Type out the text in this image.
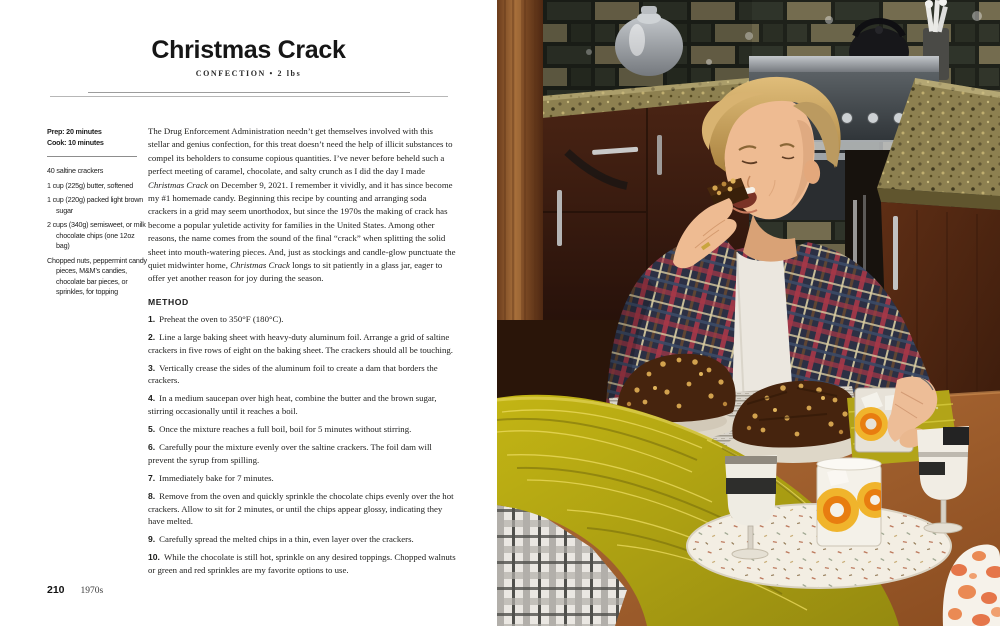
Christmas Crack
CONFECTION • 2 lbs

Prep: 20 minutes

Cook: 10 minutes

40 saltine crackers

1 cup (225g) butter, softened

1 cup (220g) packed light brown sugar

2 cups (340g) semisweet, or milk chocolate chips (one 12oz bag)

Chopped nuts, peppermint candy pieces, M&M’s candies, chocolate bar pieces, or sprinkles, for topping

The Drug Enforcement Administration needn’t get themselves involved with this stellar and genius confection, for this treat doesn’t need the help of illicit substances to compel its beholders to consume copious quantities. I’ve never before beheld such a perfect meeting of caramel, chocolate, and salty crunch as I did the day I made Christmas Crack on December 9, 2021. I remember it vividly, and it has since become my #1 homemade candy. Beginning this recipe by counting and arranging soda crackers in a grid may seem unorthodox, but since the 1970s the making of crack has become a popular yuletide activity for families in the United States. Among other reasons, the name comes from the sound of the final “crack” when splitting the solid sheet into mouth-watering pieces. And, just as stockings and candle-glow punctuate the quiet midwinter home, Christmas Crack longs to sit patiently in a glass jar, eager to offer yet another reason for joy during the season.

METHOD
1. Preheat the oven to 350°F (180°C).
2. Line a large baking sheet with heavy-duty aluminum foil. Arrange a grid of saltine crackers in five rows of eight on the baking sheet. The crackers should all be touching.
3. Vertically crease the sides of the aluminum foil to create a dam that borders the crackers.
4. In a medium saucepan over high heat, combine the butter and the brown sugar, stirring occasionally until it reaches a boil.
5. Once the mixture reaches a full boil, boil for 5 minutes without stirring.
6. Carefully pour the mixture evenly over the saltine crackers. The foil dam will prevent the syrup from spilling.
7. Immediately bake for 7 minutes.
8. Remove from the oven and quickly sprinkle the chocolate chips evenly over the hot crackers. Allow to sit for 2 minutes, or until the chips appear glossy, indicating they have melted.
9. Carefully spread the melted chips in a thin, even layer over the crackers.
10. While the chocolate is still hot, sprinkle on any desired toppings. Chopped walnuts or green and red sprinkles are my favorite options to use.
210 1970s
